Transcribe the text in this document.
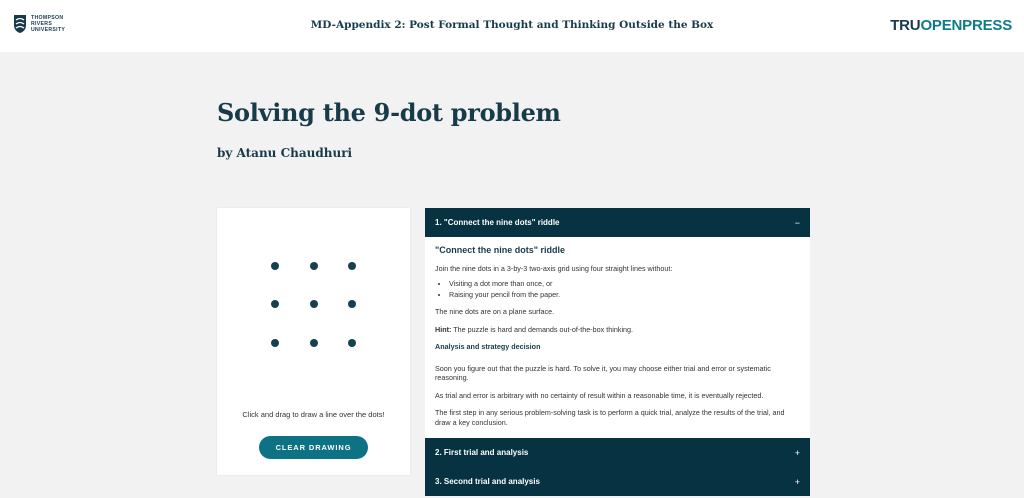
THOMPSON
RIVERS
UNIVERSITY	MD-Appendix 2: Post Formal Thought and Thinking Outside the Box	TRUOPENPRESS
Solving the 9-dot problem
by Atanu Chaudhuri
Click and drag to draw a line over the dots!
CLEAR DRAWING
1. "Connect the nine dots" riddle	−
"Connect the nine dots" riddle

Join the nine dots in a 3-by-3 two-axis grid using four straight lines without:

• Visiting a dot more than once, or
• Raising your pencil from the paper.

The nine dots are on a plane surface.

Hint: The puzzle is hard and demands out-of-the-box thinking.

Analysis and strategy decision

Soon you figure out that the puzzle is hard. To solve it, you may choose either trial and error or systematic reasoning.

As trial and error is arbitrary with no certainty of result within a reasonable time, it is eventually rejected.

The first step in any serious problem-solving task is to perform a quick trial, analyze the results of the trial, and draw a key conclusion.

2. First trial and analysis	+
3. Second trial and analysis	+
